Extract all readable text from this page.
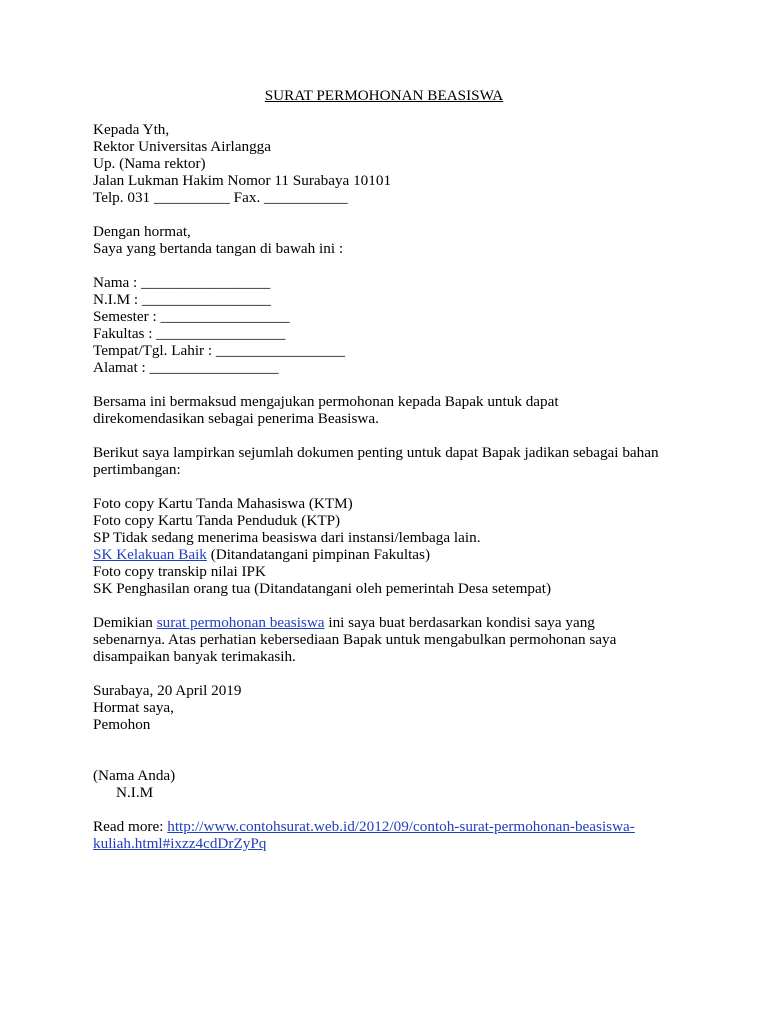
SURAT PERMOHONAN BEASISWA
Kepada Yth,
Rektor Universitas Airlangga
Up. (Nama rektor)
Jalan Lukman Hakim Nomor 11 Surabaya 10101
Telp. 031 __________ Fax. ___________
Dengan hormat,
Saya yang bertanda tangan di bawah ini :
Nama : _________________
N.I.M : _________________
Semester : _________________
Fakultas : _________________
Tempat/Tgl. Lahir : _________________
Alamat : _________________
Bersama ini bermaksud mengajukan permohonan kepada Bapak untuk dapat
direkomendasikan sebagai penerima Beasiswa.
Berikut saya lampirkan sejumlah dokumen penting untuk dapat Bapak jadikan sebagai bahan
pertimbangan:
Foto copy Kartu Tanda Mahasiswa (KTM)
Foto copy Kartu Tanda Penduduk (KTP)
SP Tidak sedang menerima beasiswa dari instansi/lembaga lain.
SK Kelakuan Baik (Ditandatangani pimpinan Fakultas)
Foto copy transkip nilai IPK
SK Penghasilan orang tua (Ditandatangani oleh pemerintah Desa setempat)
Demikian surat permohonan beasiswa ini saya buat berdasarkan kondisi saya yang
sebenarnya. Atas perhatian kebersediaan Bapak untuk mengabulkan permohonan saya
disampaikan banyak terimakasih.
Surabaya, 20 April 2019
Hormat saya,
Pemohon
(Nama Anda)
N.I.M
Read more: http://www.contohsurat.web.id/2012/09/contoh-surat-permohonan-beasiswa-
kuliah.html#ixzz4cdDrZyPq
